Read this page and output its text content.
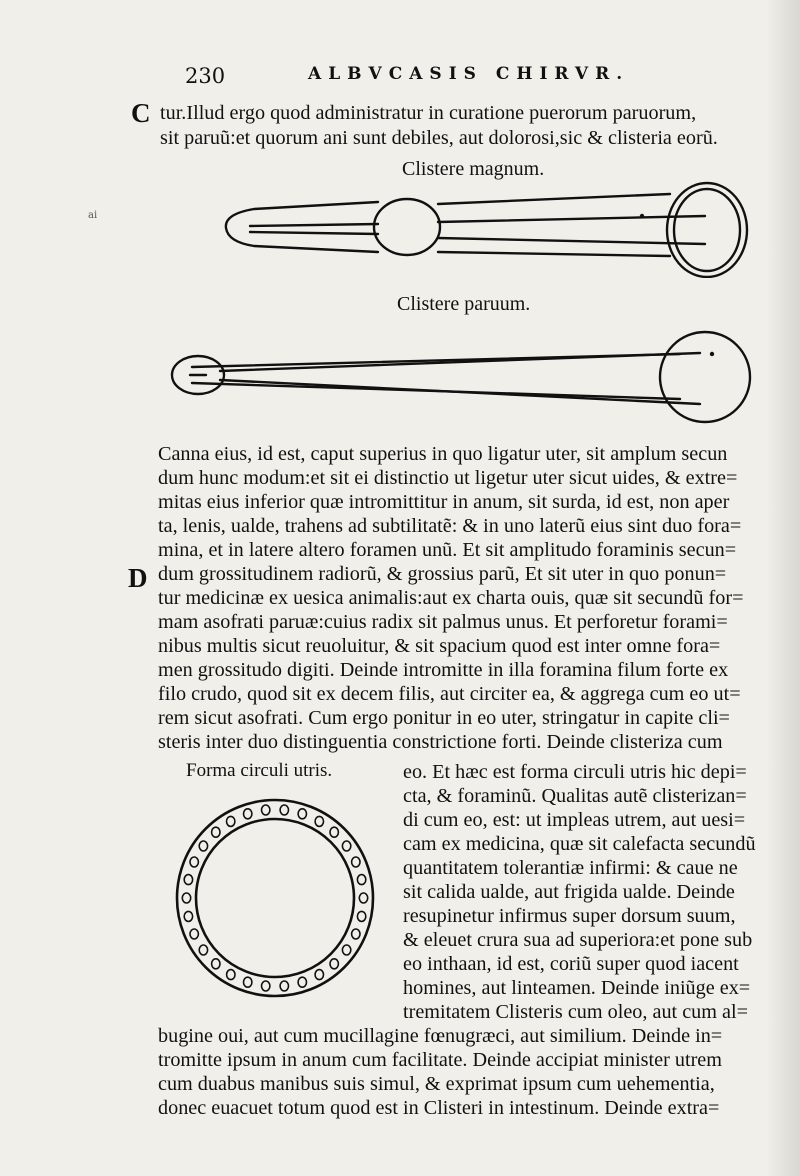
230	ALBVCASIS CHIRVR.
C
D
ai
tur.Illud ergo quod administratur in curatione puerorum paruorum,
sit paruũ:et quorum ani sunt debiles, aut dolorosi,sic & clisteria eorũ.
Clistere magnum.
Clistere paruum.
Canna eius, id est, caput superius in quo ligatur uter, sit amplum secun
dum hunc modum:et sit ei distinctio ut ligetur uter sicut uides, & extre=
mitas eius inferior quæ intromittitur in anum, sit surda, id est, non aper
ta, lenis, ualde, trahens ad subtilitatẽ: & in uno laterũ eius sint duo fora=
mina, et in latere altero foramen unũ. Et sit amplitudo foraminis secun=
dum grossitudinem radiorũ, & grossius parũ, Et sit uter in quo ponun=
tur medicinæ ex uesica animalis:aut ex charta ouis, quæ sit secundũ for=
mam asofrati paruæ:cuius radix sit palmus unus. Et perforetur forami=
nibus multis sicut reuoluitur, & sit spacium quod est inter omne fora=
men grossitudo digiti. Deinde intromitte in illa foramina filum forte ex
filo crudo, quod sit ex decem filis, aut circiter ea, & aggrega cum eo ut=
rem sicut asofrati. Cum ergo ponitur in eo uter, stringatur in capite cli=
steris inter duo distinguentia constrictione forti. Deinde clisteriza cum
Forma circuli utris.	eo. Et hæc est forma circuli utris hic depi=
cta, & foraminũ. Qualitas autẽ clisterizan=
di cum eo, est: ut impleas utrem, aut uesi=
cam ex medicina, quæ sit calefacta secundũ
quantitatem tolerantiæ infirmi: & caue ne
sit calida ualde, aut frigida ualde. Deinde
resupinetur infirmus super dorsum suum,
& eleuet crura sua ad superiora:et pone sub
eo inthaan, id est, coriũ super quod iacent
homines, aut linteamen. Deinde iniũge ex=
tremitatem Clisteris cum oleo, aut cum al=
bugine oui, aut cum mucillagine fœnugræci, aut similium. Deinde in=
tromitte ipsum in anum cum facilitate. Deinde accipiat minister utrem
cum duabus manibus suis simul, & exprimat ipsum cum uehementia,
donec euacuet totum quod est in Clisteri in intestinum. Deinde extra=
